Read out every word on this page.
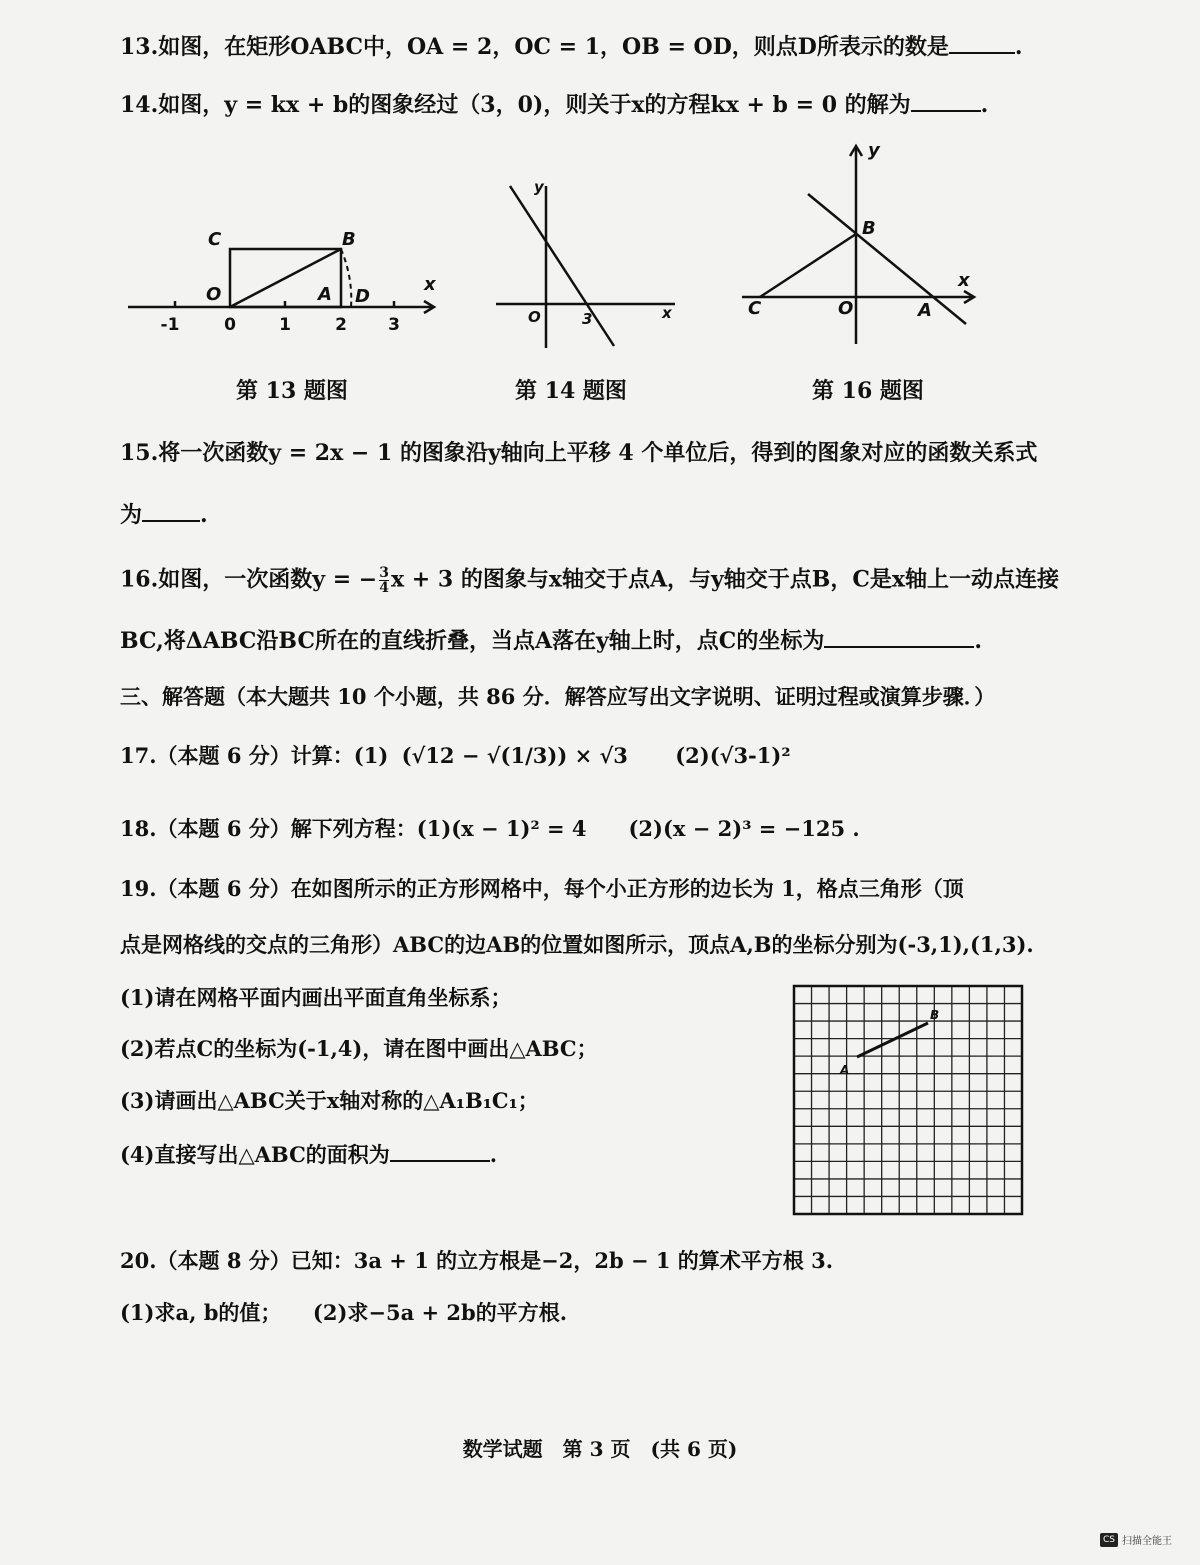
13.如图，在矩形OABC中，OA = 2，OC = 1，OB = OD，则点D所表示的数是	.
14.如图，y = kx + b的图象经过（3，0)，则关于x的方程kx + b = 0 的解为	.
C	B
O	A D
x
-1	0	1	2 3
第 13 题图
y
O	3	x
第 14 题图
y
B
C	O	A
x
第 16 题图
15.将一次函数y = 2x − 1 的图象沿y轴向上平移 4 个单位后，得到的图象对应的函数关系式
为	.
16.如图，一次函数y = − $\frac{3}{4}$ x + 3 的图象与x轴交于点A，与y轴交于点B，C是x轴上一动点连接
BC,将ΔABC沿BC所在的直线折叠，当点A落在y轴上时，点C的坐标为	.
三、解答题（本大题共 10 个小题，共 86 分．解答应写出文字说明、证明过程或演算步骤．）
17.（本题 6 分）计算：(1) (√12 − √(1/3)) × √3 (2)(√3-1)²
18.（本题 6 分）解下列方程：(1)(x − 1)² = 4　　(2)(x − 2)³ = −125 .
19.（本题 6 分）在如图所示的正方形网格中，每个小正方形的边长为 1，格点三角形（顶
点是网格线的交点的三角形）ABC的边AB的位置如图所示，顶点A,B的坐标分别为(-3,1),(1,3).
(1)请在网格平面内画出平面直角坐标系；
(2)若点C的坐标为(-1,4)，请在图中画出△ABC；
(3)请画出△ABC关于x轴对称的△A₁B₁C₁；
(4)直接写出△ABC的面积为	.
A
B
20.（本题 8 分）已知：3a + 1 的立方根是−2，2b − 1 的算术平方根 3.
(1)求a, b的值；　　(2)求−5a + 2b的平方根.
数学试题　第 3 页　(共 6 页)
CS 扫描全能王
